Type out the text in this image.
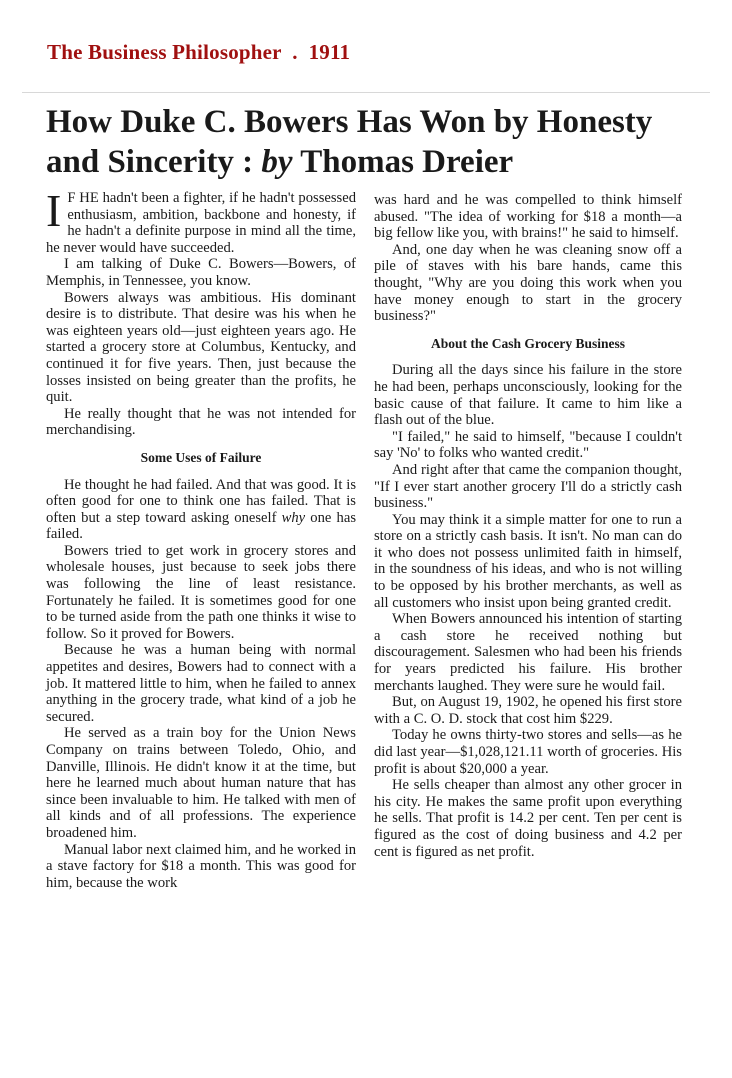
The Business Philosopher  .  1911
How Duke C. Bowers Has Won by Honesty and Sincerity : by Thomas Dreier

I F HE hadn't been a fighter, if he hadn't possessed enthusiasm, ambition, backbone and honesty, if he hadn't a definite purpose in mind all the time, he never would have succeeded.

I am talking of Duke C. Bowers—Bowers, of Memphis, in Tennessee, you know.

Bowers always was ambitious. His dominant desire is to distribute. That desire was his when he was eighteen years old—just eighteen years ago. He started a grocery store at Columbus, Kentucky, and continued it for five years. Then, just because the losses insisted on being greater than the profits, he quit.

He really thought that he was not intended for merchandising.

Some Uses of Failure

He thought he had failed. And that was good. It is often good for one to think one has failed. That is often but a step toward asking oneself why one has failed.

Bowers tried to get work in grocery stores and wholesale houses, just because to seek jobs there was following the line of least resistance. Fortunately he failed. It is sometimes good for one to be turned aside from the path one thinks it wise to follow. So it proved for Bowers.

Because he was a human being with normal appetites and desires, Bowers had to connect with a job. It mattered little to him, when he failed to annex anything in the grocery trade, what kind of a job he secured.

He served as a train boy for the Union News Company on trains between Toledo, Ohio, and Danville, Illinois. He didn't know it at the time, but here he learned much about human nature that has since been invaluable to him. He talked with men of all kinds and of all professions. The experience broadened him.

Manual labor next claimed him, and he worked in a stave factory for $18 a month. This was good for him, because the work

was hard and he was compelled to think himself abused. "The idea of working for $18 a month—a big fellow like you, with brains!" he said to himself.

And, one day when he was cleaning snow off a pile of staves with his bare hands, came this thought, "Why are you doing this work when you have money enough to start in the grocery business?"

About the Cash Grocery Business

During all the days since his failure in the store he had been, perhaps unconsciously, looking for the basic cause of that failure. It came to him like a flash out of the blue.

"I failed," he said to himself, "because I couldn't say 'No' to folks who wanted credit."

And right after that came the companion thought, "If I ever start another grocery I'll do a strictly cash business."

You may think it a simple matter for one to run a store on a strictly cash basis. It isn't. No man can do it who does not possess unlimited faith in himself, in the soundness of his ideas, and who is not willing to be opposed by his brother merchants, as well as all customers who insist upon being granted credit.

When Bowers announced his intention of starting a cash store he received nothing but discouragement. Salesmen who had been his friends for years predicted his failure. His brother merchants laughed. They were sure he would fail.

But, on August 19, 1902, he opened his first store with a C. O. D. stock that cost him $229.

Today he owns thirty-two stores and sells—as he did last year—$1,028,121.11 worth of groceries. His profit is about $20,000 a year.

He sells cheaper than almost any other grocer in his city. He makes the same profit upon everything he sells. That profit is 14.2 per cent. Ten per cent is figured as the cost of doing business and 4.2 per cent is figured as net profit.
